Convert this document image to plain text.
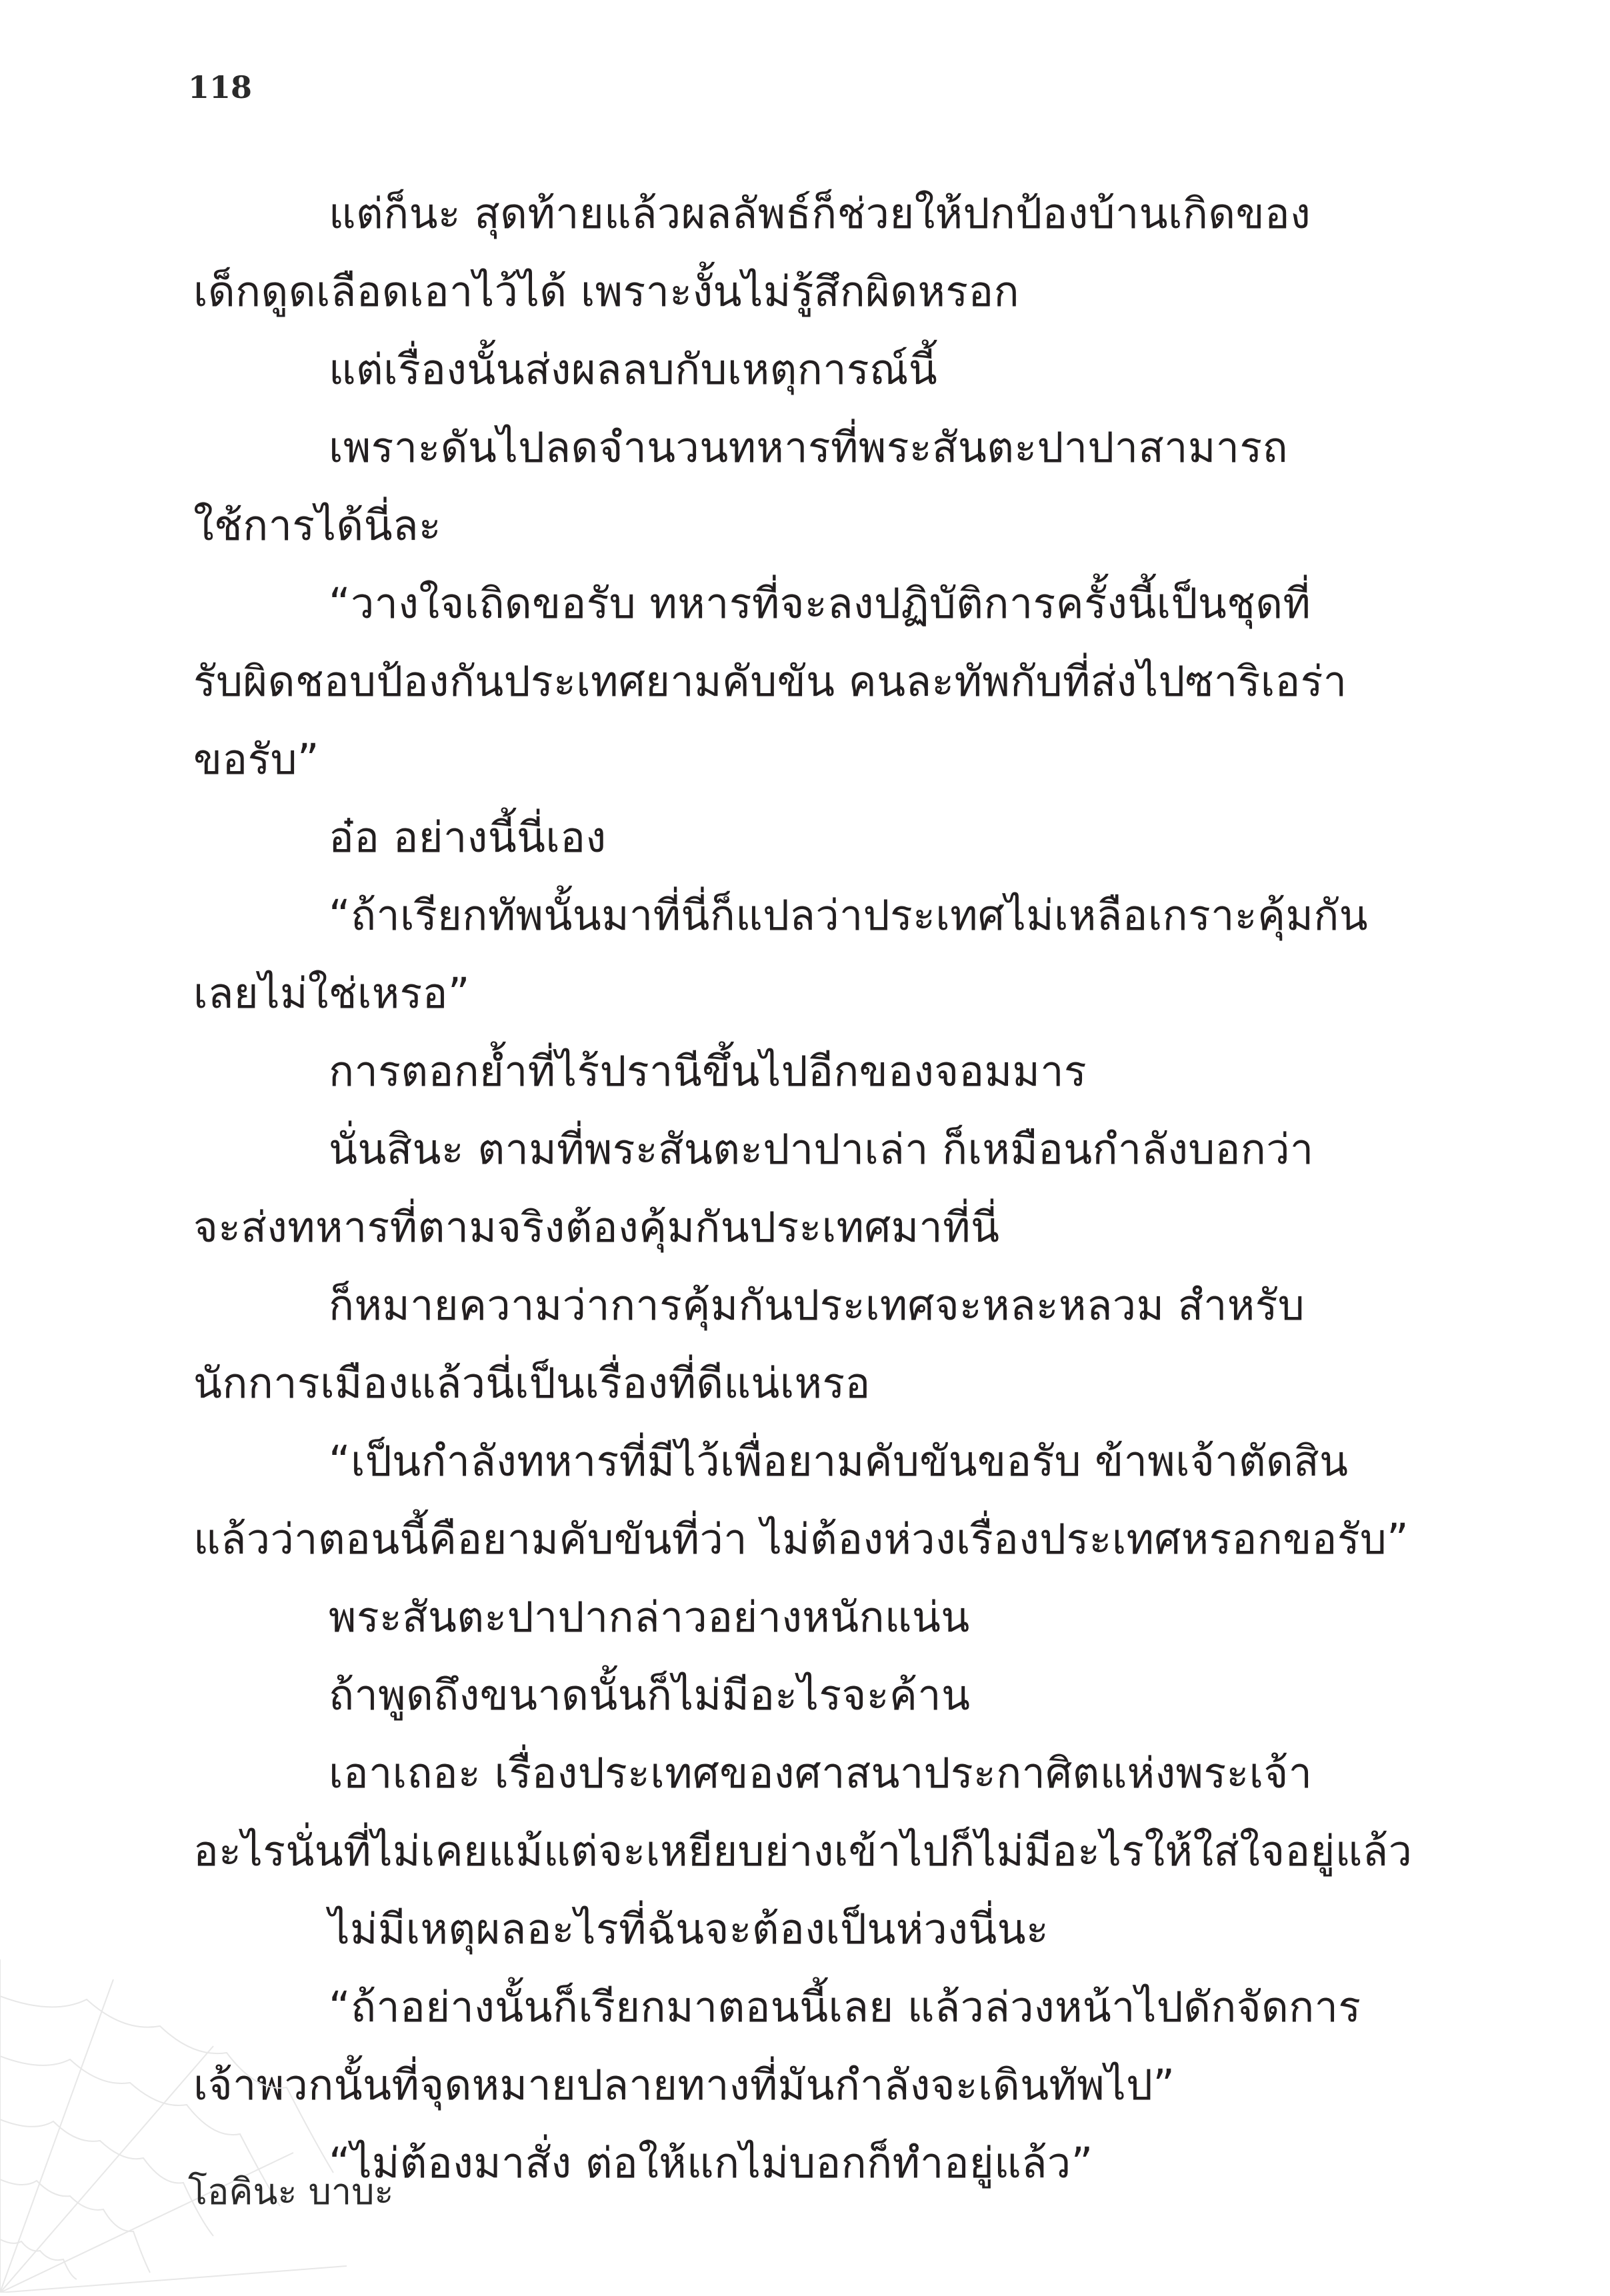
118
แต่ก็นะ สุดท้ายแล้วผลลัพธ์ก็ช่วยให้ปกป้องบ้านเกิดของ
เด็กดูดเลือดเอาไว้ได้ เพราะงั้นไม่รู้สึกผิดหรอก
แต่เรื่องนั้นส่งผลลบกับเหตุการณ์นี้
เพราะดันไปลดจำนวนทหารที่พระสันตะปาปาสามารถ
ใช้การได้นี่ละ
“วางใจเถิดขอรับ ทหารที่จะลงปฏิบัติการครั้งนี้เป็นชุดที่
รับผิดชอบป้องกันประเทศยามคับขัน คนละทัพกับที่ส่งไปซาริเอร่า
ขอรับ”
อ๋อ อย่างนี้นี่เอง
“ถ้าเรียกทัพนั้นมาที่นี่ก็แปลว่าประเทศไม่เหลือเกราะคุ้มกัน
เลยไม่ใช่เหรอ”
การตอกย้ำที่ไร้ปรานีขึ้นไปอีกของจอมมาร
นั่นสินะ ตามที่พระสันตะปาปาเล่า ก็เหมือนกำลังบอกว่า
จะส่งทหารที่ตามจริงต้องคุ้มกันประเทศมาที่นี่
ก็หมายความว่าการคุ้มกันประเทศจะหละหลวม สำหรับ
นักการเมืองแล้วนี่เป็นเรื่องที่ดีแน่เหรอ
“เป็นกำลังทหารที่มีไว้เพื่อยามคับขันขอรับ ข้าพเจ้าตัดสิน
แล้วว่าตอนนี้คือยามคับขันที่ว่า ไม่ต้องห่วงเรื่องประเทศหรอกขอรับ”
พระสันตะปาปากล่าวอย่างหนักแน่น
ถ้าพูดถึงขนาดนั้นก็ไม่มีอะไรจะค้าน
เอาเถอะ เรื่องประเทศของศาสนาประกาศิตแห่งพระเจ้า
อะไรนั่นที่ไม่เคยแม้แต่จะเหยียบย่างเข้าไปก็ไม่มีอะไรให้ใส่ใจอยู่แล้ว
ไม่มีเหตุผลอะไรที่ฉันจะต้องเป็นห่วงนี่นะ
“ถ้าอย่างนั้นก็เรียกมาตอนนี้เลย แล้วล่วงหน้าไปดักจัดการ
เจ้าพวกนั้นที่จุดหมายปลายทางที่มันกำลังจะเดินทัพไป”
“ไม่ต้องมาสั่ง ต่อให้แกไม่บอกก็ทำอยู่แล้ว”
โอคินะ บาบะ
